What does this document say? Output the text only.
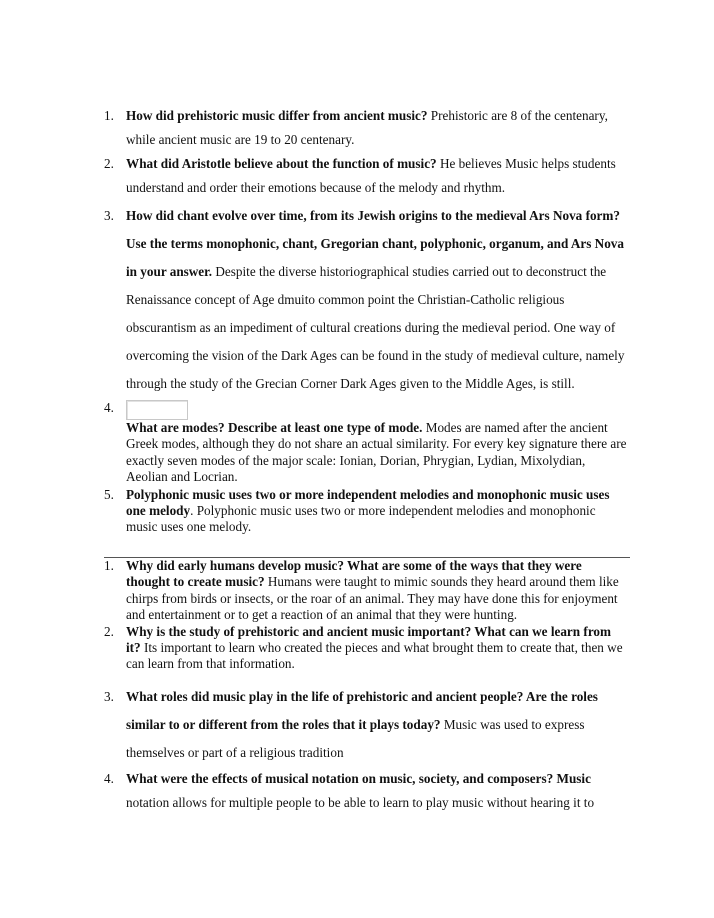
1. How did prehistoric music differ from ancient music? Prehistoric are 8 of the centenary, while ancient music are 19 to 20 centenary.
2. What did Aristotle believe about the function of music? He believes Music helps students understand and order their emotions because of the melody and rhythm.
3. How did chant evolve over time, from its Jewish origins to the medieval Ars Nova form? Use the terms monophonic, chant, Gregorian chant, polyphonic, organum, and Ars Nova in your answer. Despite the diverse historiographical studies carried out to deconstruct the Renaissance concept of Age dmuito common point the Christian-Catholic religious obscurantism as an impediment of cultural creations during the medieval period. One way of overcoming the vision of the Dark Ages can be found in the study of medieval culture, namely through the study of the Grecian Corner Dark Ages given to the Middle Ages, is still.
4.
What are modes? Describe at least one type of mode. Modes are named after the ancient Greek modes, although they do not share an actual similarity. For every key signature there are exactly seven modes of the major scale: Ionian, Dorian, Phrygian, Lydian, Mixolydian, Aeolian and Locrian.
5. Polyphonic music uses two or more independent melodies and monophonic music uses one melody. Polyphonic music uses two or more independent melodies and monophonic music uses one melody.
1. Why did early humans develop music? What are some of the ways that they were thought to create music? Humans were taught to mimic sounds they heard around them like chirps from birds or insects, or the roar of an animal. They may have done this for enjoyment and entertainment or to get a reaction of an animal that they were hunting.
2. Why is the study of prehistoric and ancient music important? What can we learn from it? Its important to learn who created the pieces and what brought them to create that, then we can learn from that information.
3. What roles did music play in the life of prehistoric and ancient people? Are the roles similar to or different from the roles that it plays today? Music was used to express themselves or part of a religious tradition
4. What were the effects of musical notation on music, society, and composers? Music notation allows for multiple people to be able to learn to play music without hearing it to
